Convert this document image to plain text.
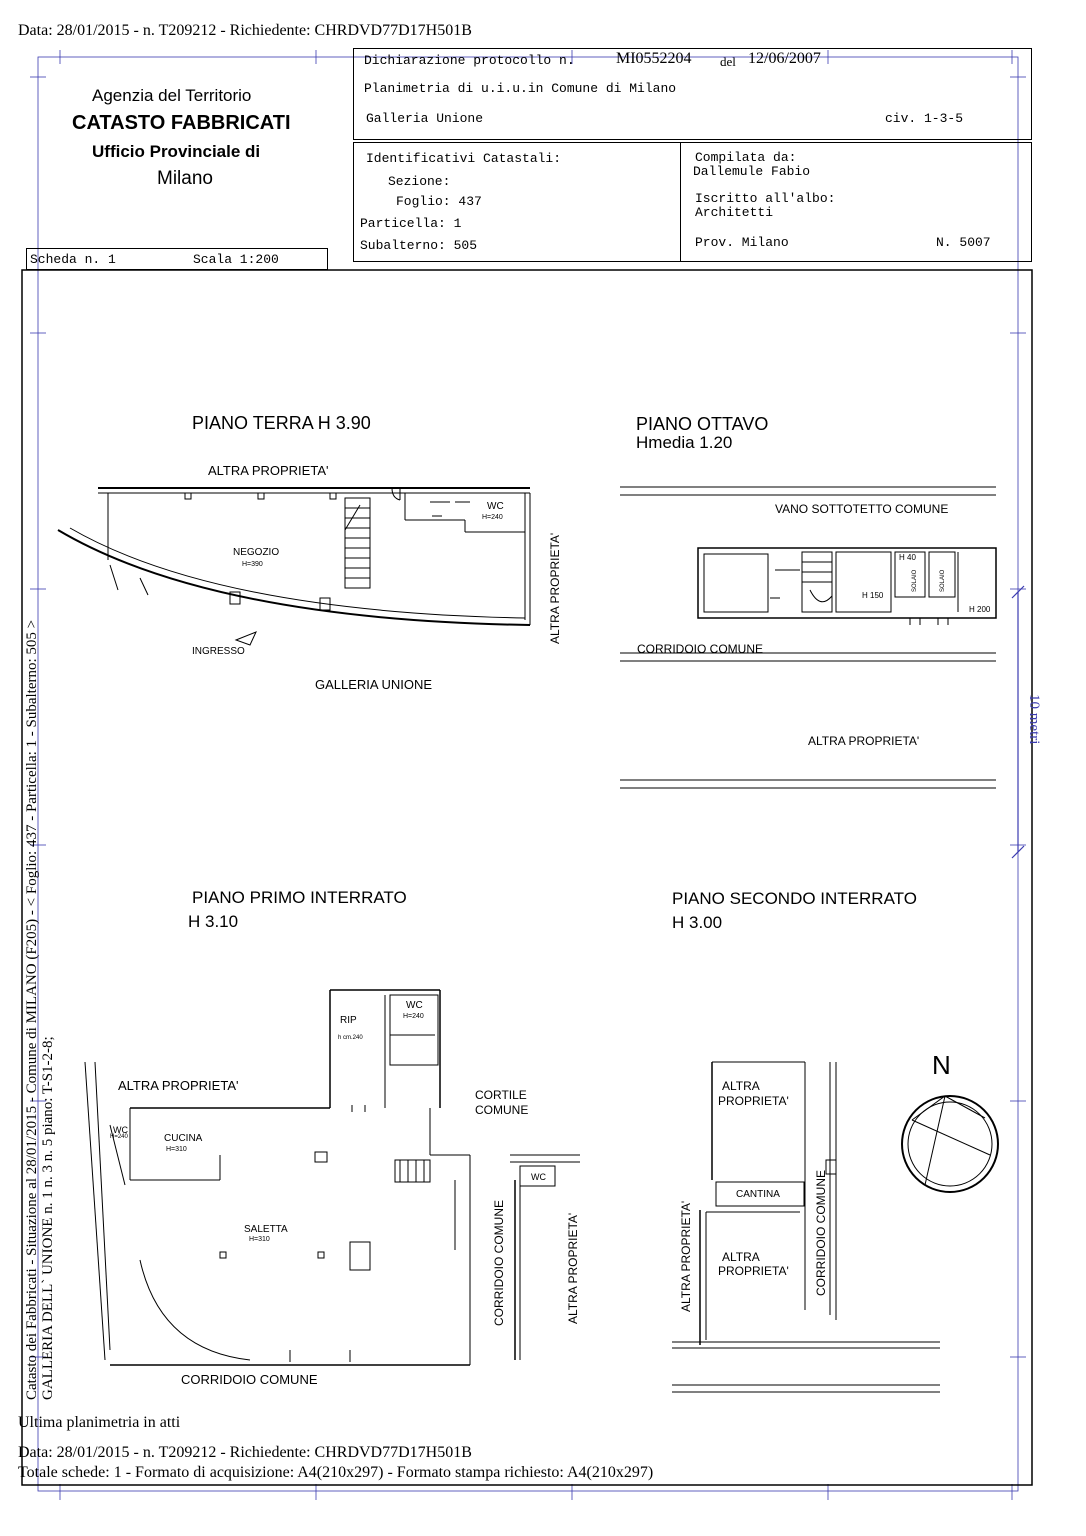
Data: 28/01/2015 - n. T209212 - Richiedente: CHRDVD77D17H501B
Agenzia del Territorio
CATASTO FABBRICATI
Ufficio Provinciale di
Milano
Scheda n. 1	Scala 1:200
Dichiarazione protocollo n.	MI0552204 del 12/06/2007
Planimetria di u.i.u.in Comune di Milano
Galleria Unione	civ. 1-3-5
Identificativi Catastali:
Sezione:
Foglio: 437
Particella: 1
Subalterno: 505
Compilata da:
Dallemule Fabio
Iscritto all'albo:
Architetti
Prov. Milano	N. 5007
Catasto dei Fabbricati - Situazione al 28/01/2015 - Comune di MILANO (F205) - < Foglio: 437 - Particella: 1 - Subalterno: 505 > GALLERIA DELL` UNIONE n. 1 n. 3 n. 5 piano: T-S1-2-8;
10 metri
PIANO TERRA H 3.90
ALTRA PROPRIETA'
WC
H=240
NEGOZIO
H=390	ALTRA PROPRIETA'
INGRESSO
GALLERIA UNIONE
PIANO OTTAVO
Hmedia 1.20
VANO SOTTOTETTO COMUNE
H 40
H 150
H 200
SOLAIO	SOLAIO
CORRIDOIO COMUNE
ALTRA PROPRIETA'
PIANO PRIMO INTERRATO
H 3.10
RIP
h cm.240
WC
H=240
ALTRA PROPRIETA'
CORTILE
COMUNE
WC
H=240	CUCINA
H=310
WC
SALETTA
H=310	CORRIDOIO COMUNE	ALTRA PROPRIETA'
CORRIDOIO COMUNE
PIANO SECONDO INTERRATO
H 3.00
ALTRA
PROPRIETA'
CANTINA
ALTRA
PROPRIETA'
ALTRA PROPRIETA'	CORRIDOIO COMUNE
N
Ultima planimetria in atti
Data: 28/01/2015 - n. T209212 - Richiedente: CHRDVD77D17H501B
Totale schede: 1 - Formato di acquisizione: A4(210x297) - Formato stampa richiesto: A4(210x297)
